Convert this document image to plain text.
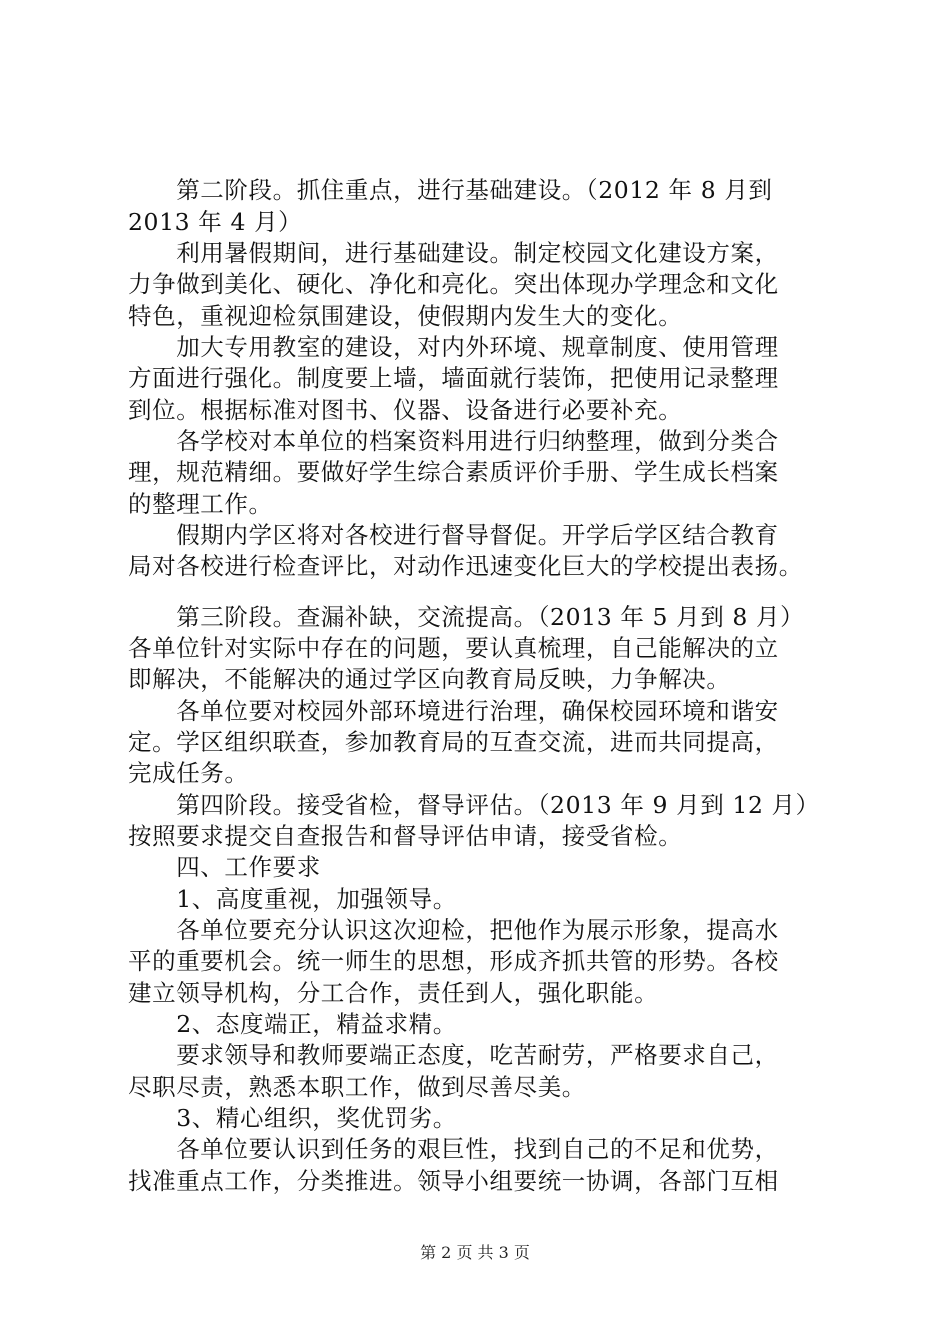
　　第二阶段。抓住重点，进行基础建设。（2012 年 8 月到
2013 年 4 月）
　　利用暑假期间，进行基础建设。制定校园文化建设方案，
力争做到美化、硬化、净化和亮化。突出体现办学理念和文化
特色，重视迎检氛围建设，使假期内发生大的变化。
　　加大专用教室的建设，对内外环境、规章制度、使用管理
方面进行强化。制度要上墙，墙面就行装饰，把使用记录整理
到位。根据标准对图书、仪器、设备进行必要补充。
　　各学校对本单位的档案资料用进行归纳整理，做到分类合
理，规范精细。要做好学生综合素质评价手册、学生成长档案
的整理工作。
　　假期内学区将对各校进行督导督促。开学后学区结合教育
局对各校进行检查评比，对动作迅速变化巨大的学校提出表扬。
　　第三阶段。查漏补缺，交流提高。（2013 年 5 月到 8 月）
各单位针对实际中存在的问题，要认真梳理，自己能解决的立
即解决，不能解决的通过学区向教育局反映，力争解决。
　　各单位要对校园外部环境进行治理，确保校园环境和谐安
定。学区组织联查，参加教育局的互查交流，进而共同提高，
完成任务。
　　第四阶段。接受省检，督导评估。（2013 年 9 月到 12 月）
按照要求提交自查报告和督导评估申请，接受省检。
　　四、工作要求
　　1、高度重视，加强领导。
　　各单位要充分认识这次迎检，把他作为展示形象，提高水
平的重要机会。统一师生的思想，形成齐抓共管的形势。各校
建立领导机构，分工合作，责任到人，强化职能。
　　2、态度端正，精益求精。
　　要求领导和教师要端正态度，吃苦耐劳，严格要求自己，
尽职尽责，熟悉本职工作，做到尽善尽美。
　　3、精心组织，奖优罚劣。
　　各单位要认识到任务的艰巨性，找到自己的不足和优势，
找准重点工作，分类推进。领导小组要统一协调，各部门互相
第 2 页 共 3 页
